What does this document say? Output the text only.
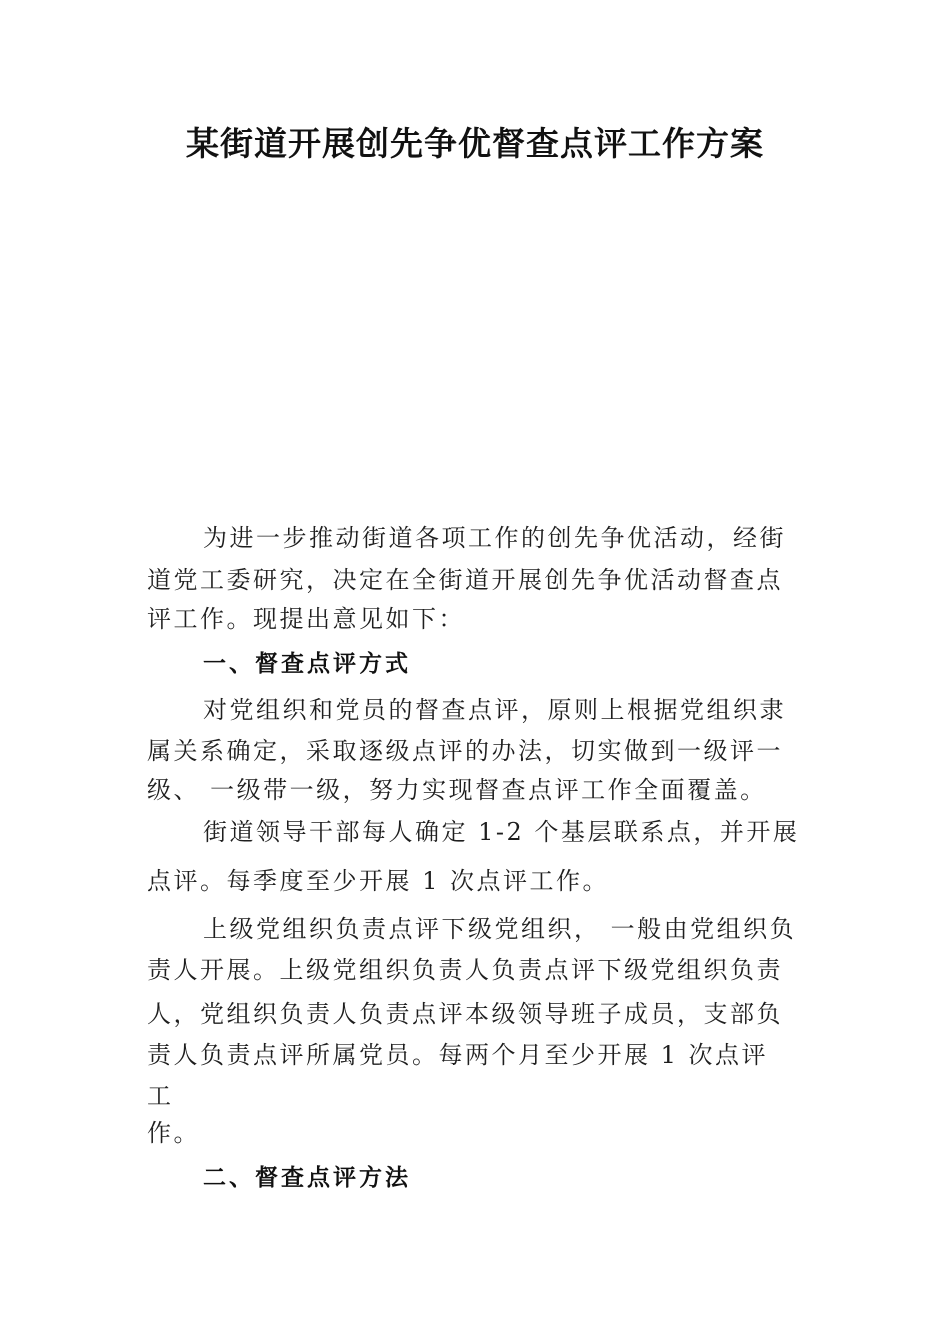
某街道开展创先争优督查点评工作方案
为进一步推动街道各项工作的创先争优活动，经街
道党工委研究，决定在全街道开展创先争优活动督查点
评工作。现提出意见如下：
一、督查点评方式
对党组织和党员的督查点评，原则上根据党组织隶
属关系确定，采取逐级点评的办法，切实做到一级评一
级、 一级带一级，努力实现督查点评工作全面覆盖。
街道领导干部每人确定 1-2 个基层联系点，并开展
点评。每季度至少开展 1 次点评工作。
上级党组织负责点评下级党组织， 一般由党组织负
责人开展。上级党组织负责人负责点评下级党组织负责
人，党组织负责人负责点评本级领导班子成员，支部负
责人负责点评所属党员。每两个月至少开展 1 次点评
工
作。
二、督查点评方法
